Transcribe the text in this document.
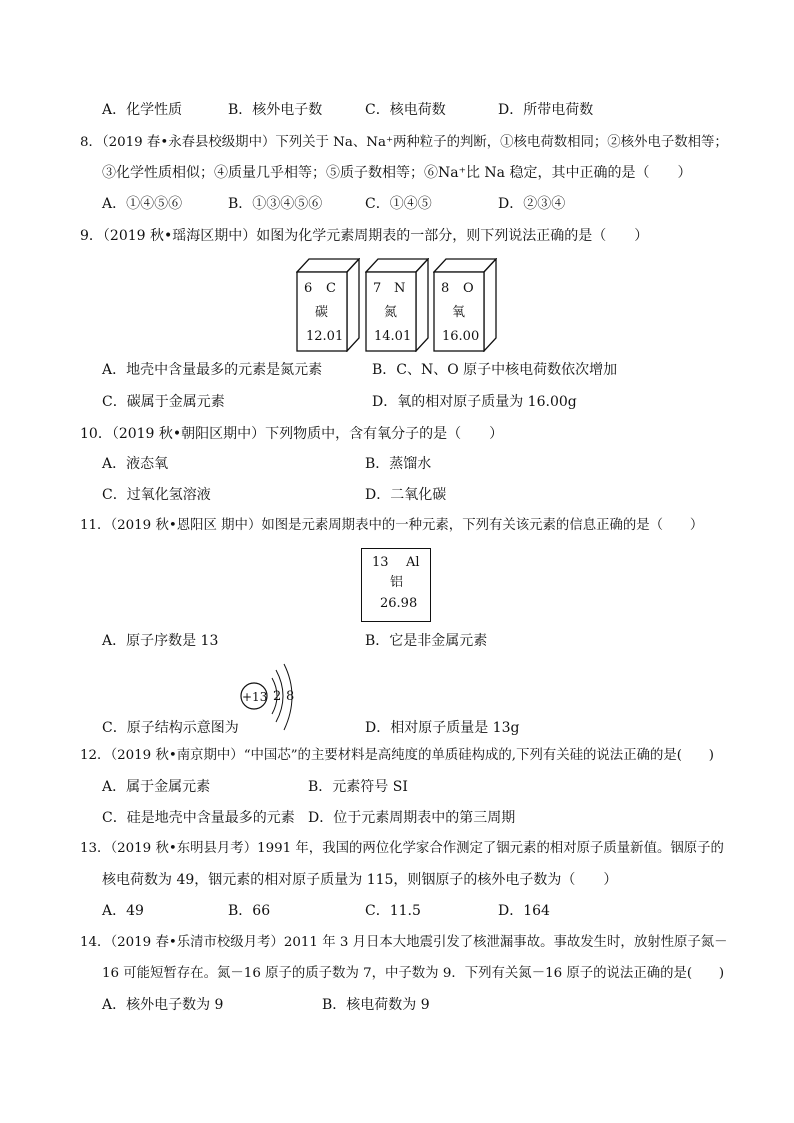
A．化学性质	B．核外电子数	C．核电荷数	D．所带电荷数
8．（2019 春•永春县校级期中）下列关于 Na、Na⁺两种粒子的判断，①核电荷数相同；②核外电子数相等；
③化学性质相似；④质量几乎相等；⑤质子数相等；⑥Na⁺比 Na 稳定，其中正确的是（　　）
A．①④⑤⑥	B．①③④⑤⑥	C．①④⑤	D．②③④
9．（2019 秋•瑶海区期中）如图为化学元素周期表的一部分，则下列说法正确的是（　　）
6 C
碳
12.01
7 N
氮
14.01
8 O
氧
16.00
A．地壳中含量最多的元素是氮元素	B．C、N、O 原子中核电荷数依次增加
C．碳属于金属元素	D．氧的相对原子质量为 16.00g
10．（2019 秋•朝阳区期中）下列物质中，含有氧分子的是（　　）
A．液态氧	B．蒸馏水
C．过氧化氢溶液	D．二氧化碳
11．（2019 秋•恩阳区 期中）如图是元素周期表中的一种元素，下列有关该元素的信息正确的是（　　）
13 Al
铝
26.98
A．原子序数是 13	B．它是非金属元素
+13 2 8
C．原子结构示意图为	D．相对原子质量是 13g
12．（2019 秋•南京期中）“中国芯”的主要材料是高纯度的单质硅构成的,下列有关硅的说法正确的是(　　)
A．属于金属元素	B．元素符号 SI
C．硅是地壳中含量最多的元素 D．位于元素周期表中的第三周期
13．（2019 秋•东明县月考）1991 年，我国的两位化学家合作测定了铟元素的相对原子质量新值。铟原子的
核电荷数为 49，铟元素的相对原子质量为 115，则铟原子的核外电子数为（　　）
A．49	B．66	C．11.5	D．164
14．（2019 春•乐清市校级月考）2011 年 3 月日本大地震引发了核泄漏事故。事故发生时，放射性原子氮－
16 可能短暂存在。氮－16 原子的质子数为 7，中子数为 9．下列有关氮－16 原子的说法正确的是(　　)
A．核外电子数为 9	B．核电荷数为 9
